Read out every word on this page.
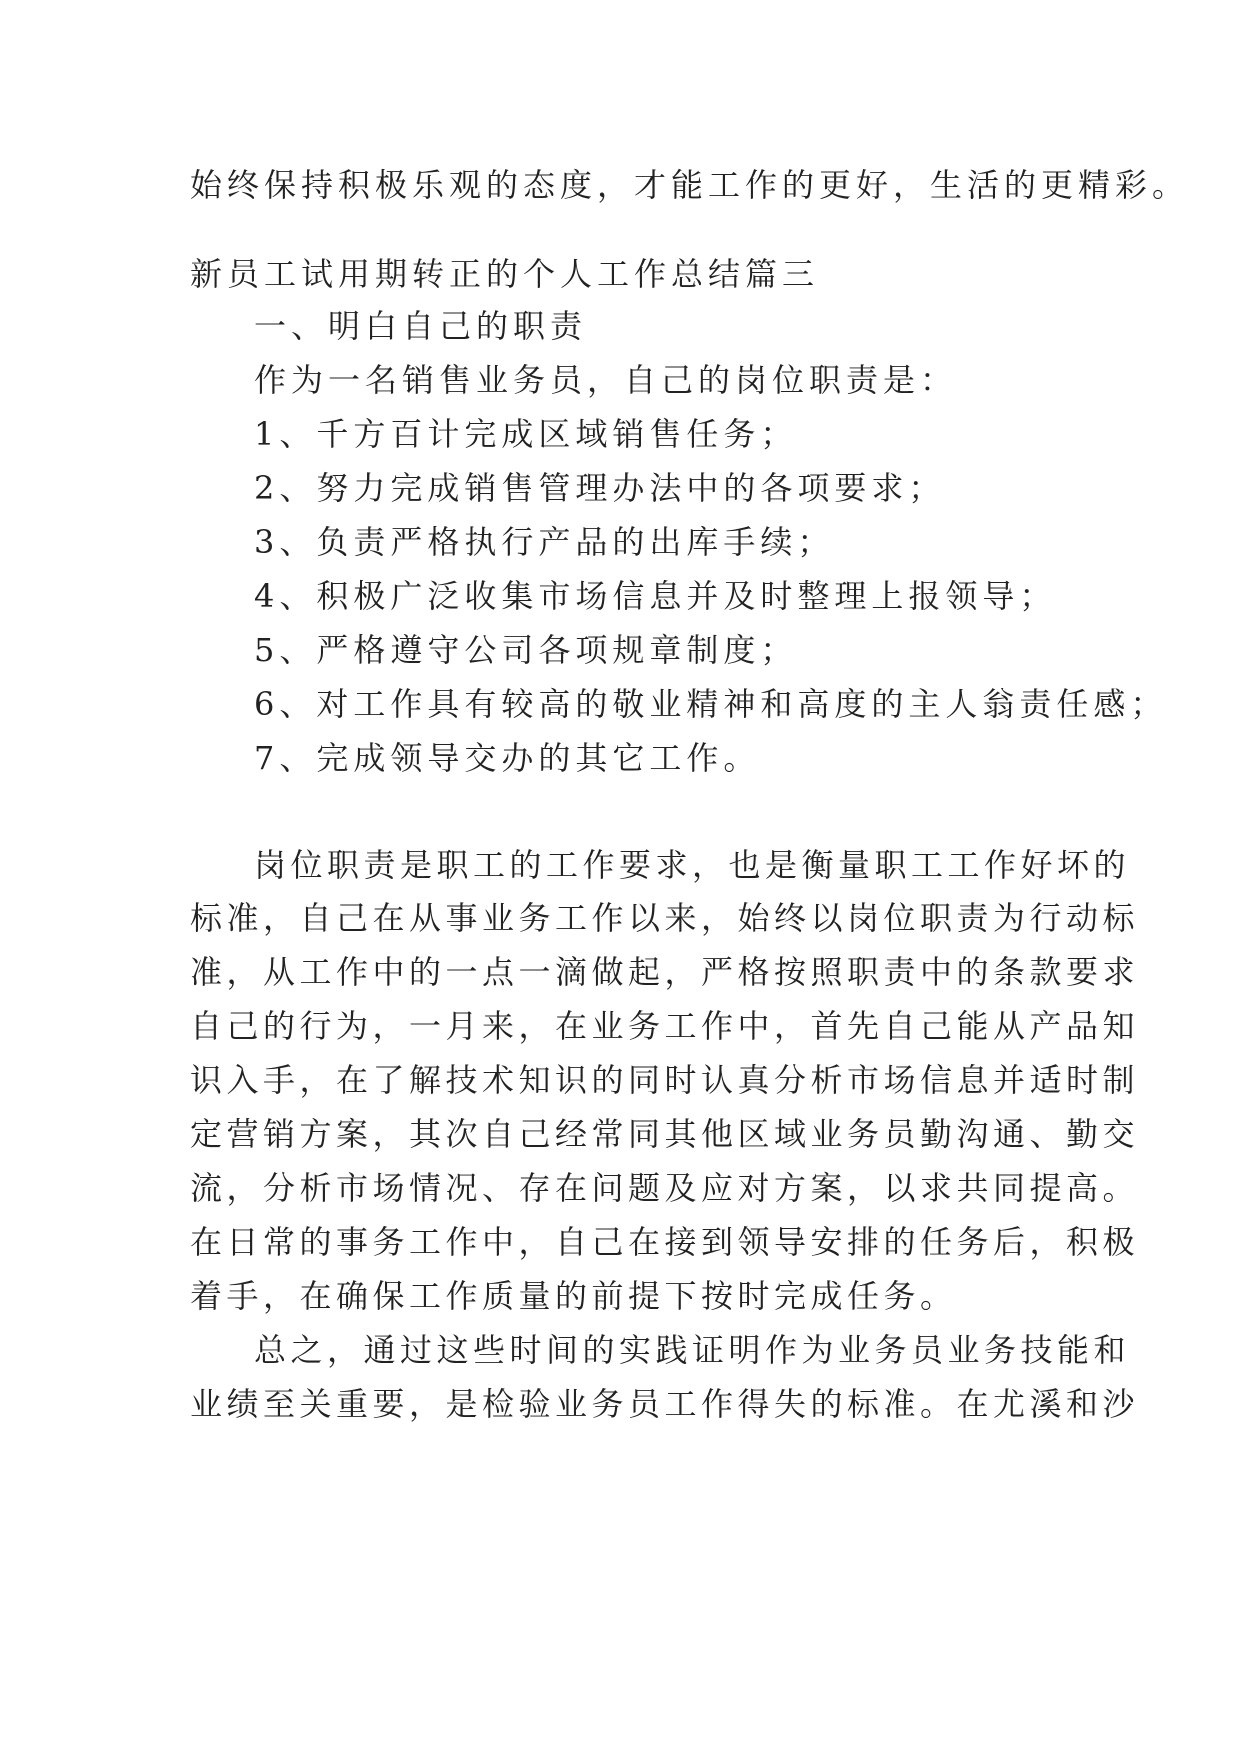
始终保持积极乐观的态度，才能工作的更好，生活的更精彩。
新员工试用期转正的个人工作总结篇三
一、明白自己的职责
作为一名销售业务员，自己的岗位职责是：
1、千方百计完成区域销售任务；
2、努力完成销售管理办法中的各项要求；
3、负责严格执行产品的出库手续；
4、积极广泛收集市场信息并及时整理上报领导；
5、严格遵守公司各项规章制度；
6、对工作具有较高的敬业精神和高度的主人翁责任感；
7、完成领导交办的其它工作。
岗位职责是职工的工作要求，也是衡量职工工作好坏的
标准，自己在从事业务工作以来，始终以岗位职责为行动标
准，从工作中的一点一滴做起，严格按照职责中的条款要求
自己的行为，一月来，在业务工作中，首先自己能从产品知
识入手，在了解技术知识的同时认真分析市场信息并适时制
定营销方案，其次自己经常同其他区域业务员勤沟通、勤交
流，分析市场情况、存在问题及应对方案，以求共同提高。
在日常的事务工作中，自己在接到领导安排的任务后，积极
着手，在确保工作质量的前提下按时完成任务。
总之，通过这些时间的实践证明作为业务员业务技能和
业绩至关重要，是检验业务员工作得失的标准。在尤溪和沙
